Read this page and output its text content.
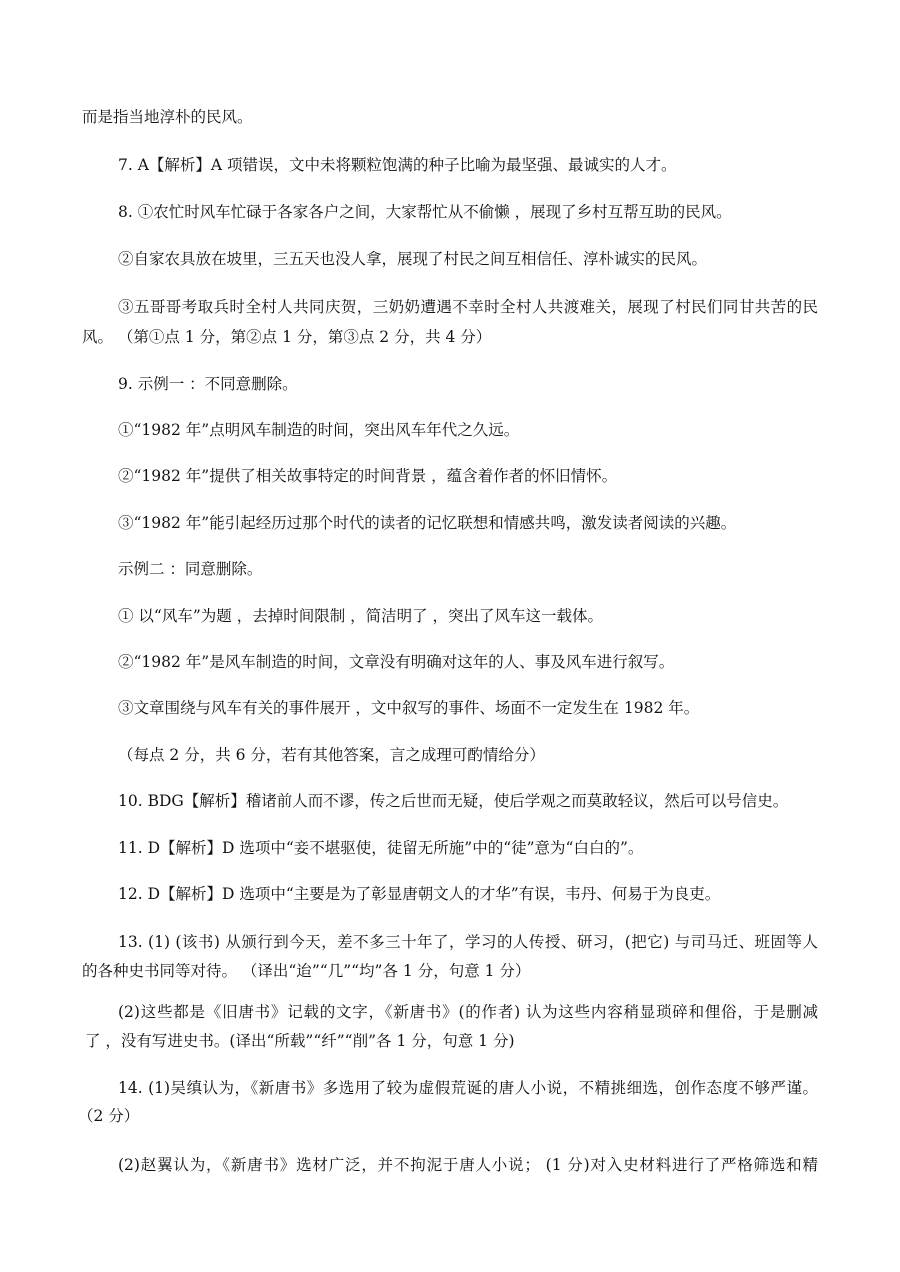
而是指当地淳朴的民风。
7. A【解析】A 项错误，文中未将颗粒饱满的种子比喻为最坚强、最诚实的人才。
8. ①农忙时风车忙碌于各家各户之间，大家帮忙从不偷懒 ，展现了乡村互帮互助的民风。
②自家农具放在坡里，三五天也没人拿，展现了村民之间互相信任、淳朴诚实的民风。
③五哥哥考取兵时全村人共同庆贺，三奶奶遭遇不幸时全村人共渡难关，展现了村民们同甘共苦的民
风。 （第①点 1 分，第②点 1 分，第③点 2 分，共 4 分）
9. 示例一 ：不同意删除。
①“1982 年”点明风车制造的时间，突出风车年代之久远。
②“1982 年”提供了相关故事特定的时间背景 ，蕴含着作者的怀旧情怀。
③“1982 年”能引起经历过那个时代的读者的记忆联想和情感共鸣，激发读者阅读的兴趣。
示例二 ：同意删除。
① 以“风车”为题 ，去掉时间限制 ，简洁明了 ，突出了风车这一载体。
②“1982 年”是风车制造的时间，文章没有明确对这年的人、事及风车进行叙写。
③文章围绕与风车有关的事件展开 ，文中叙写的事件、场面不一定发生在 1982 年。
（每点 2 分，共 6 分，若有其他答案，言之成理可酌情给分）
10. BDG【解析】稽诸前人而不谬，传之后世而无疑，使后学观之而莫敢轻议，然后可以号信史。
11. D【解析】D 选项中“妾不堪驱使，徒留无所施”中的“徒”意为“白白的”。
12. D【解析】D 选项中“主要是为了彰显唐朝文人的才华”有误，韦丹、何易于为良吏。
13. (1) (该书) 从颁行到今天，差不多三十年了，学习的人传授、研习，(把它) 与司马迁、班固等人
的各种史书同等对待。 （译出“迨”“几”“均”各 1 分，句意 1 分）
(2)这些都是《旧唐书》记载的文字，《新唐书》(的作者) 认为这些内容稍显琐碎和俚俗，于是删减
了 ，没有写进史书。(译出“所载”“纤”“削”各 1 分，句意 1 分)
14. (1)吴缜认为，《新唐书》多选用了较为虚假荒诞的唐人小说，不精挑细选，创作态度不够严谨。
（2 分）
(2)赵翼认为，《新唐书》选材广泛，并不拘泥于唐人小说； (1 分)对入史材料进行了严格筛选和精
